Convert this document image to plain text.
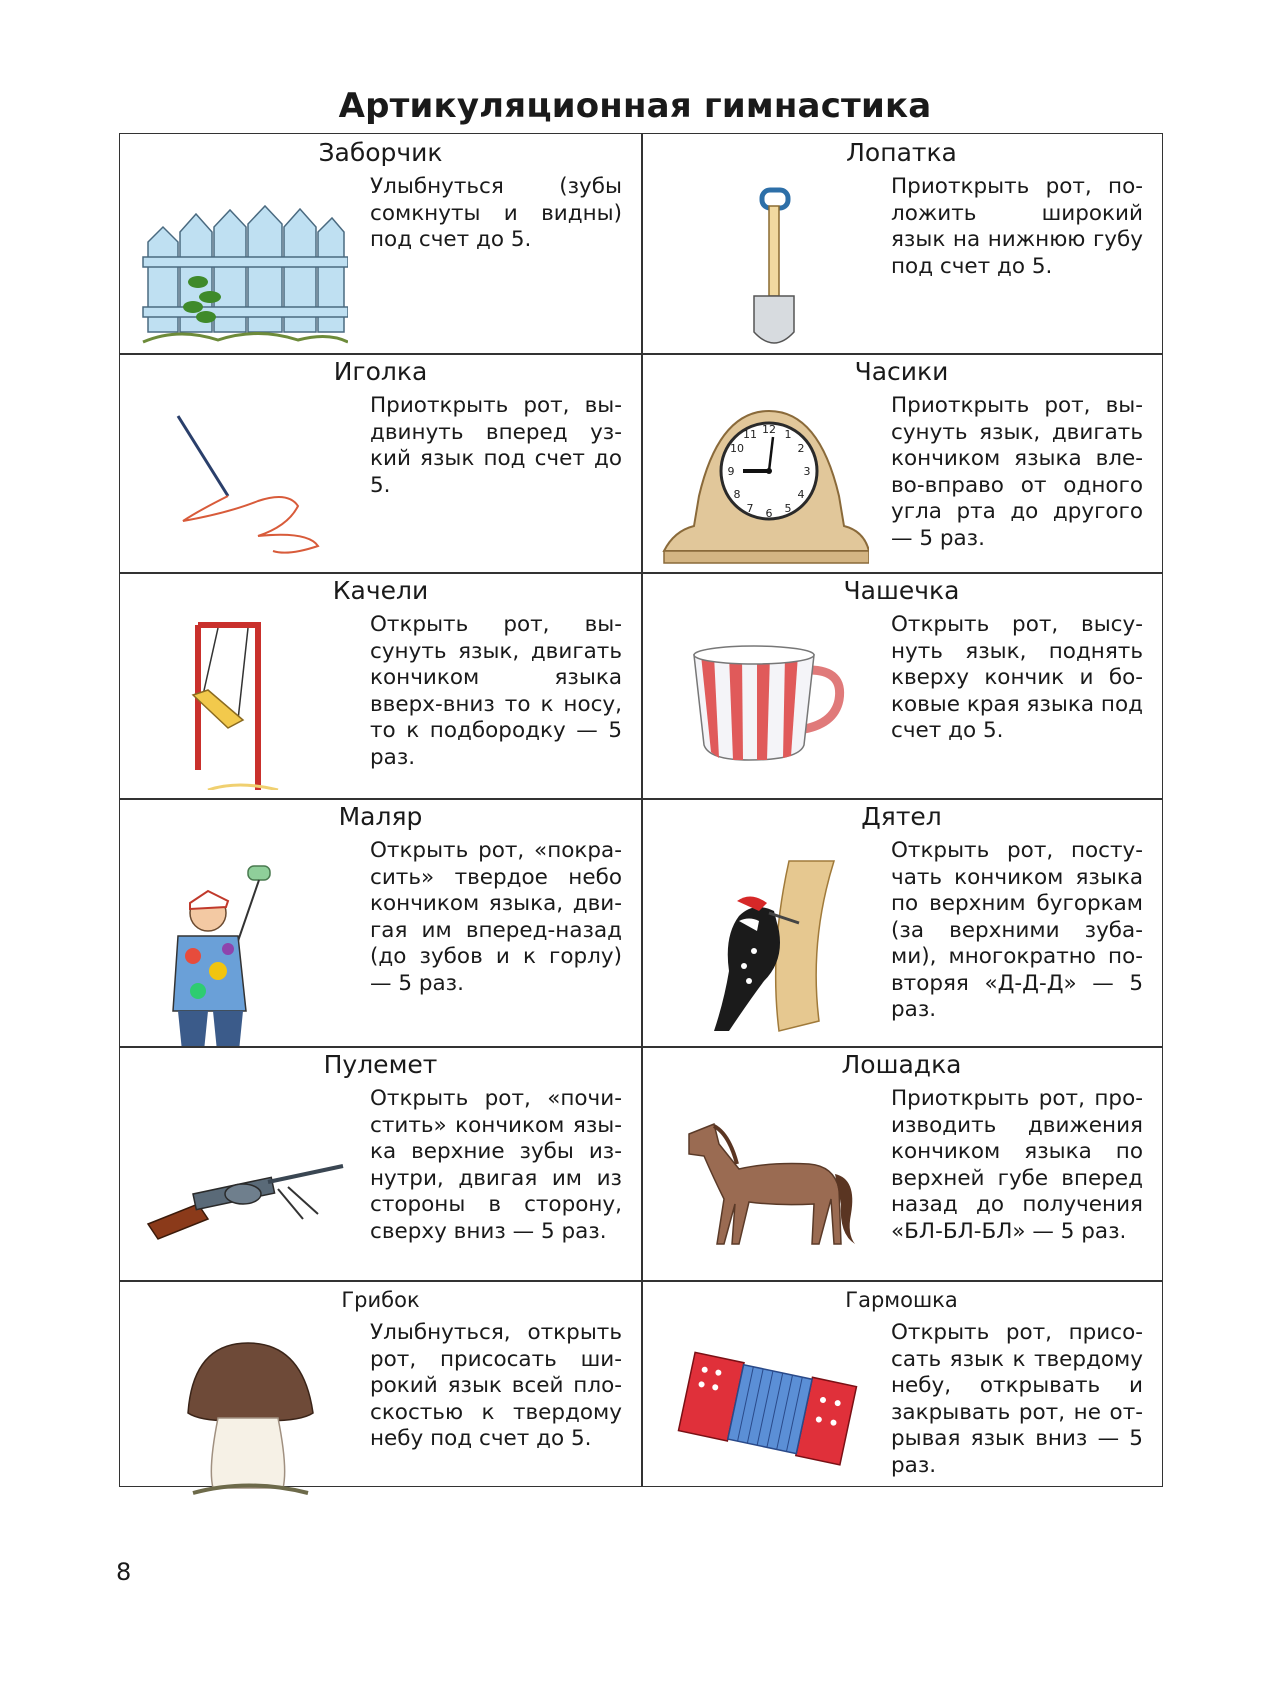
Артикуляционная гимнастика
Заборчик
Улыбнуться (зубы сомкнуты и видны) под счет до 5.
Лопатка
Приоткрыть рот, положить широкий язык на нижнюю губу под счет до 5.
Иголка
Приоткрыть рот, выдвинуть вперед узкий язык под счет до 5.
Часики
Приоткрыть рот, высунуть язык, двигать кончиком языка влево-вправо от одного угла рта до другого — 5 раз.
12 1
2
3
4
5
6
7
8
9
10
11
Качели
Открыть рот, высунуть язык, двигать кончиком языка вверх-вниз то к носу, то к подбородку — 5 раз.
Чашечка
Открыть рот, высунуть язык, поднять кверху кончик и боковые края языка под счет до 5.
Маляр
Открыть рот, «покрасить» твердое небо кончиком языка, двигая им вперед-назад (до зубов и к горлу) — 5 раз.
Дятел
Открыть рот, постучать кончиком языка по верхним бугоркам (за верхними зубами), многократно повторяя «Д-Д-Д» — 5 раз.
Пулемет
Открыть рот, «почистить» кончиком языка верхние зубы изнутри, двигая им из стороны в сторону, сверху вниз — 5 раз.
Лошадка
Приоткрыть рот, производить движения кончиком языка по верхней губе вперед назад до получения «БЛ-БЛ-БЛ» — 5 раз.
Грибок
Улыбнуться, открыть рот, присосать широкий язык всей плоскостью к твердому небу под счет до 5.
Гармошка
Открыть рот, присосать язык к твердому небу, открывать и закрывать рот, не отрывая язык вниз — 5 раз.
8
